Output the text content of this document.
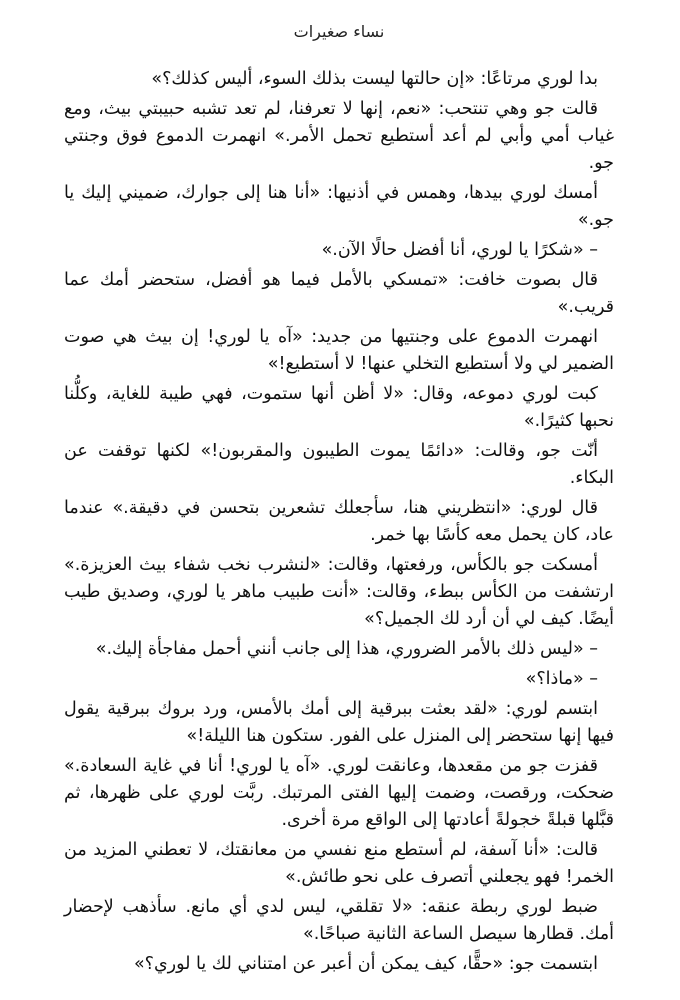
نساء صغيرات

بدا لوري مرتاعًا: «إن حالتها ليست بذلك السوء، أليس كذلك؟»

قالت جو وهي تنتحب: «نعم، إنها لا تعرفنا، لم تعد تشبه حبيبتي بيث، ومع غياب أمي وأبي لم أعد أستطيع تحمل الأمر.» انهمرت الدموع فوق وجنتي جو.

أمسك لوري بيدها، وهمس في أذنيها: «أنا هنا إلى جوارك، ضميني إليك يا جو.»

– «شكرًا يا لوري، أنا أفضل حالًا الآن.»

قال بصوت خافت: «تمسكي بالأمل فيما هو أفضل، ستحضر أمك عما قريب.»

انهمرت الدموع على وجنتيها من جديد: «آه يا لوري! إن بيث هي صوت الضمير لي ولا أستطيع التخلي عنها! لا أستطيع!»

كبت لوري دموعه، وقال: «لا أظن أنها ستموت، فهي طيبة للغاية، وكلُّنا نحبها كثيرًا.»

أنّت جو، وقالت: «دائمًا يموت الطيبون والمقربون!» لكنها توقفت عن البكاء.

قال لوري: «انتظريني هنا، سأجعلك تشعرين بتحسن في دقيقة.» عندما عاد، كان يحمل معه كأسًا بها خمر.

أمسكت جو بالكأس، ورفعتها، وقالت: «لنشرب نخب شفاء بيث العزيزة.» ارتشفت من الكأس ببطء، وقالت: «أنت طبيب ماهر يا لوري، وصديق طيب أيضًا. كيف لي أن أرد لك الجميل؟»

– «ليس ذلك بالأمر الضروري، هذا إلى جانب أنني أحمل مفاجأة إليك.»

– «ماذا؟»

ابتسم لوري: «لقد بعثت ببرقية إلى أمك بالأمس، ورد بروك ببرقية يقول فيها إنها ستحضر إلى المنزل على الفور. ستكون هنا الليلة!»

قفزت جو من مقعدها، وعانقت لوري. «آه يا لوري! أنا في غاية السعادة.» ضحكت، ورقصت، وضمت إليها الفتى المرتبك. ربَّت لوري على ظهرها، ثم قبَّلها قبلةً خجولةً أعادتها إلى الواقع مرة أخرى.

قالت: «أنا آسفة، لم أستطع منع نفسي من معانقتك، لا تعطني المزيد من الخمر! فهو يجعلني أتصرف على نحو طائش.»

ضبط لوري ربطة عنقه: «لا تقلقي، ليس لدي أي مانع. سأذهب لإحضار أمك. قطارها سيصل الساعة الثانية صباحًا.»

ابتسمت جو: «حقًّا، كيف يمكن أن أعبر عن امتناني لك يا لوري؟»
